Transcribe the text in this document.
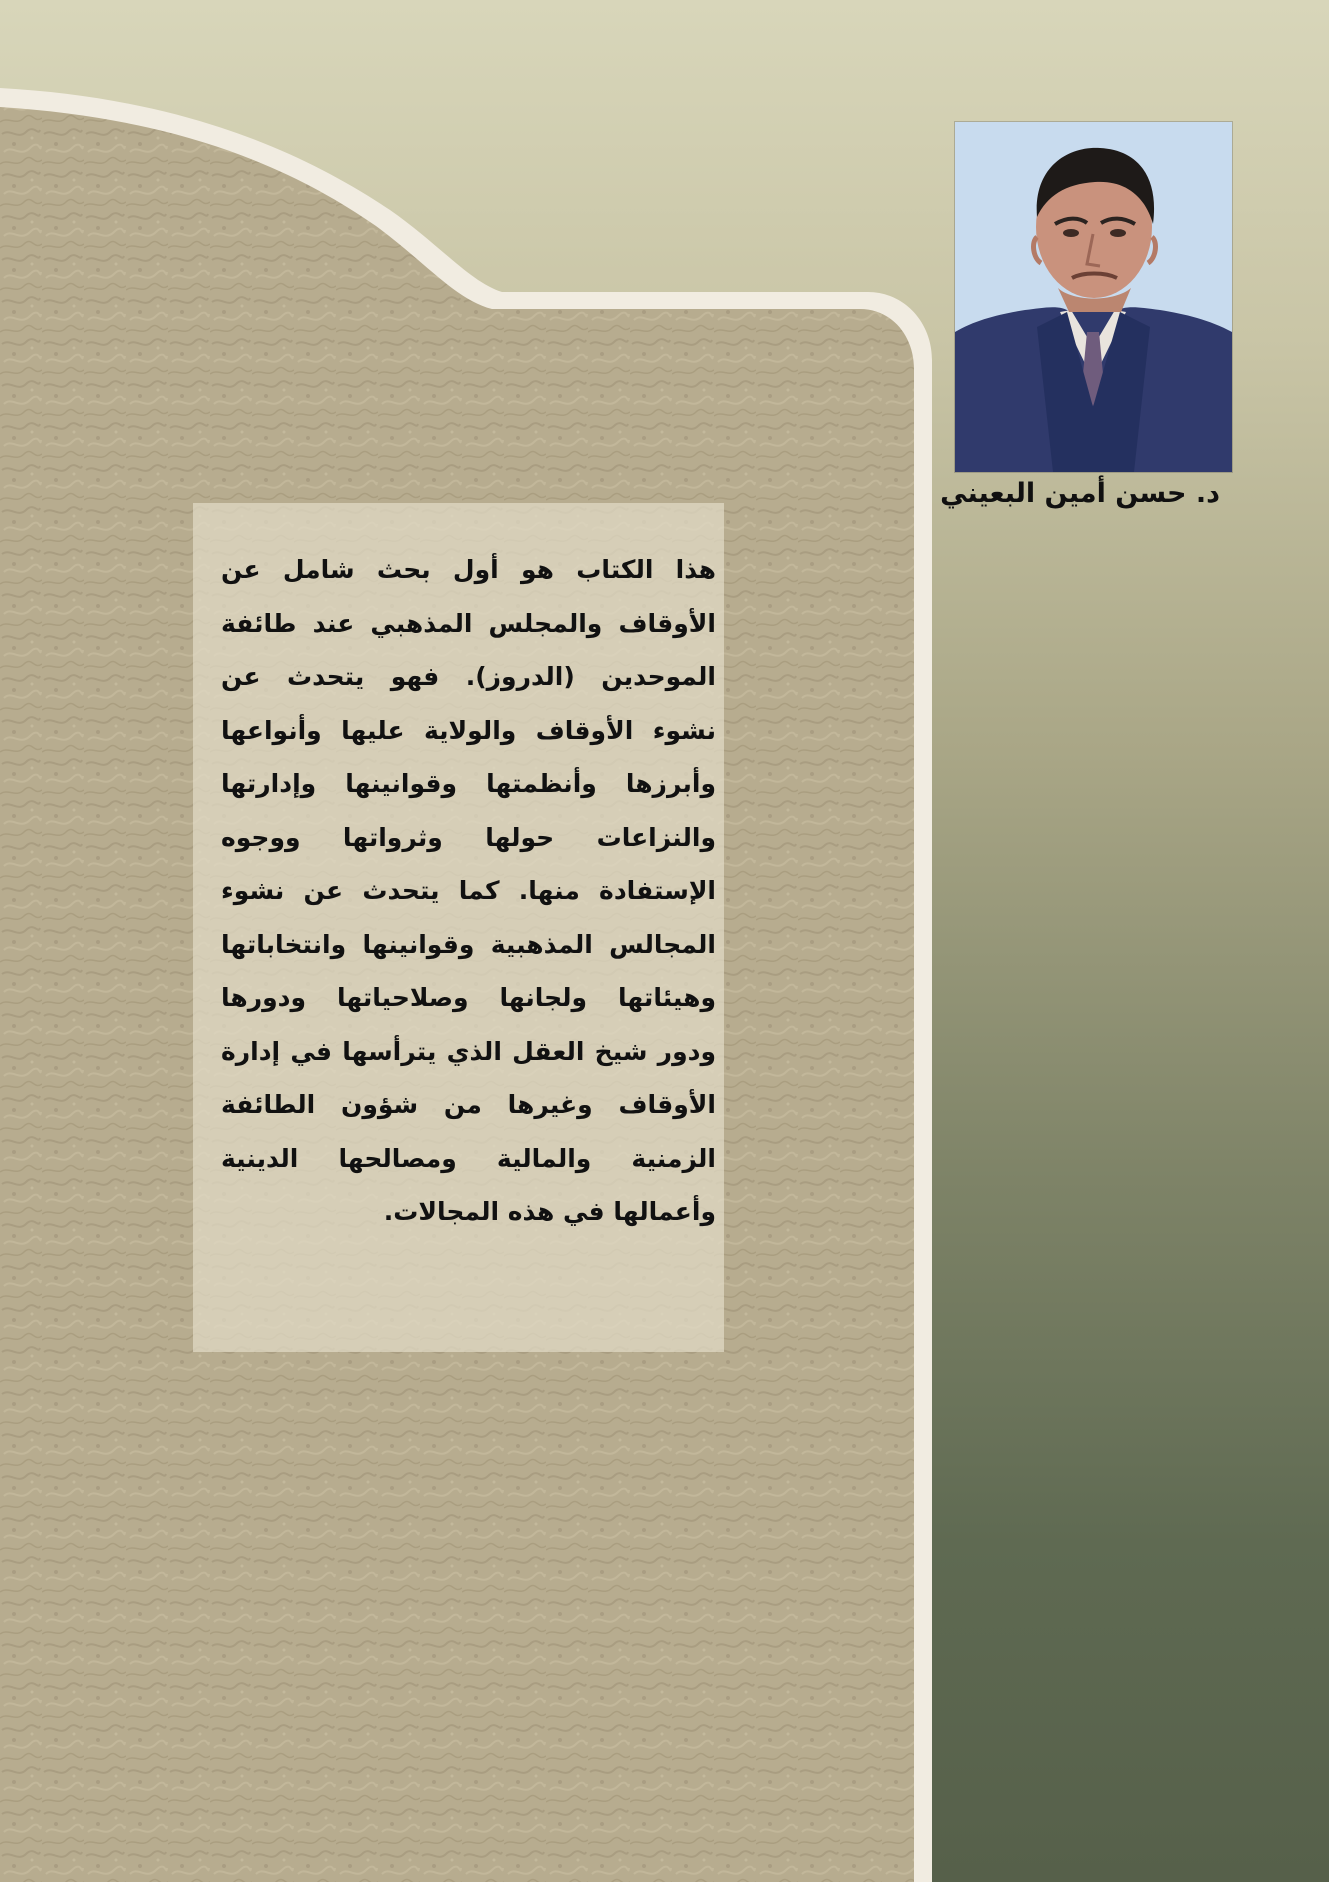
د. حسن أمين البعيني

هذا الكتاب هو أول بحث شامل عن الأوقاف والمجلس المذهبي عند طائفة الموحدين (الدروز). فهو يتحدث عن نشوء الأوقاف والولاية عليها وأنواعها وأبرزها وأنظمتها وقوانينها وإدارتها والنزاعات حولها وثرواتها ووجوه الإستفادة منها. كما يتحدث عن نشوء المجالس المذهبية وقوانينها وانتخاباتها وهيئاتها ولجانها وصلاحياتها ودورها ودور شيخ العقل الذي يترأسها في إدارة الأوقاف وغيرها من شؤون الطائفة الزمنية والمالية ومصالحها الدينية وأعمالها في هذه المجالات.
